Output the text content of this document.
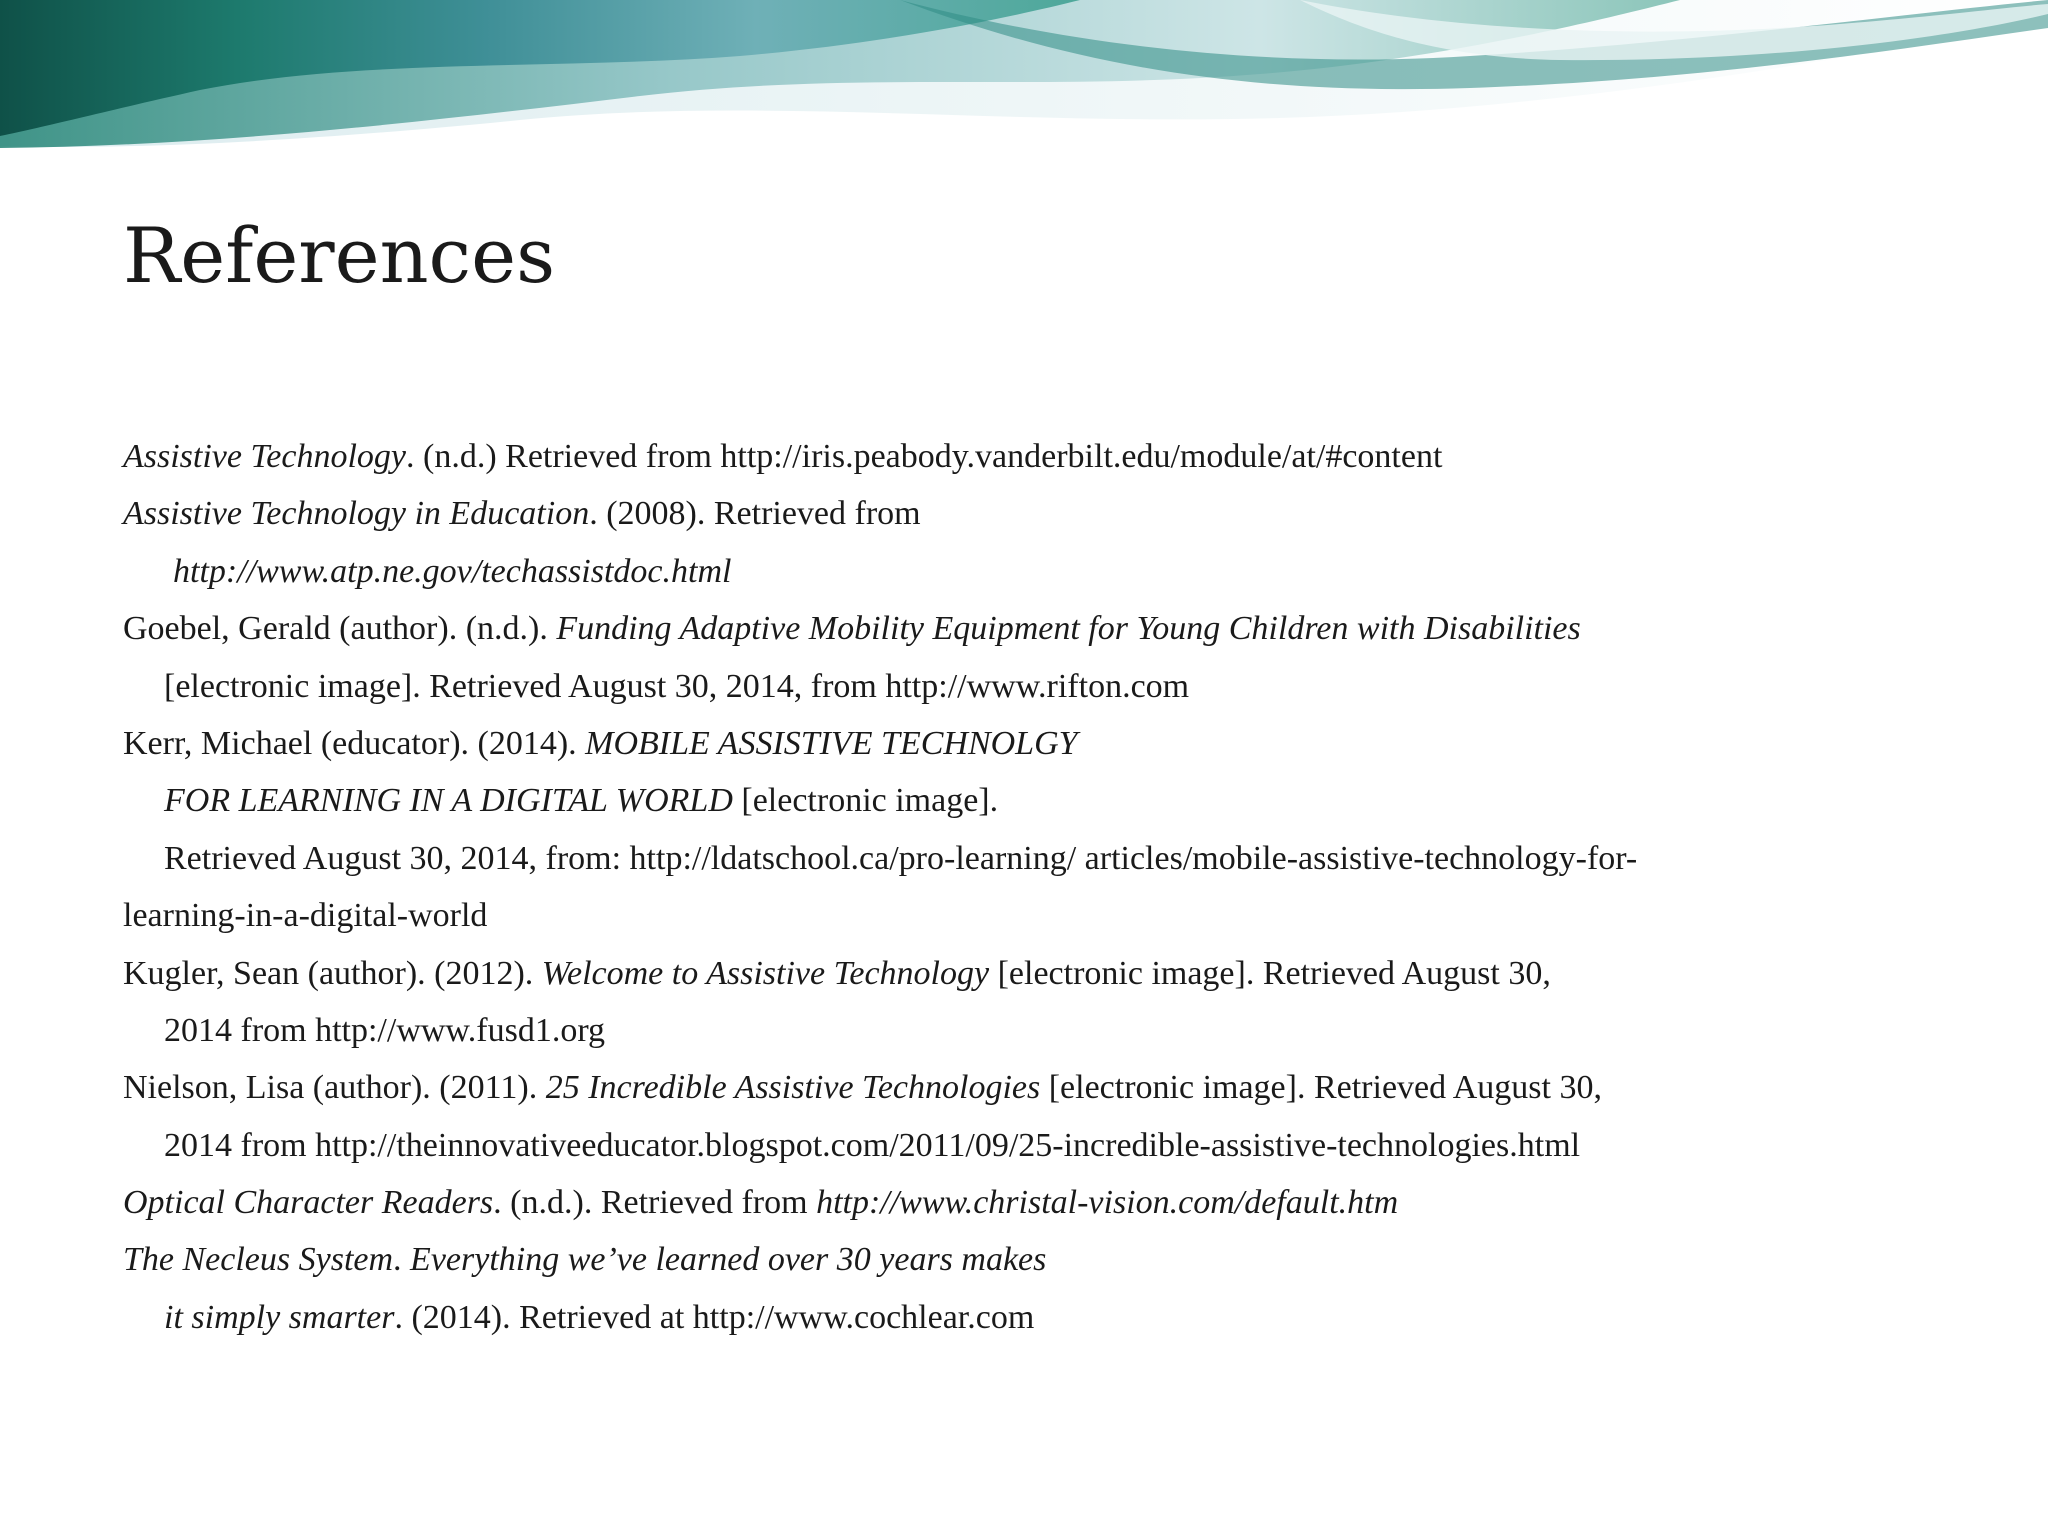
References
Assistive Technology. (n.d.) Retrieved from http://iris.peabody.vanderbilt.edu/module/at/#content
Assistive Technology in Education. (2008). Retrieved from
http://www.atp.ne.gov/techassistdoc.html
Goebel, Gerald (author). (n.d.). Funding Adaptive Mobility Equipment for Young Children with Disabilities
[electronic image]. Retrieved August 30, 2014, from http://www.rifton.com
Kerr, Michael (educator). (2014). MOBILE ASSISTIVE TECHNOLGY
FOR LEARNING IN A DIGITAL WORLD [electronic image].
Retrieved August 30, 2014, from: http://ldatschool.ca/pro-learning/ articles/mobile-assistive-technology-for-
learning-in-a-digital-world
Kugler, Sean (author). (2012). Welcome to Assistive Technology [electronic image]. Retrieved August 30,
2014 from http://www.fusd1.org
Nielson, Lisa (author). (2011). 25 Incredible Assistive Technologies [electronic image]. Retrieved August 30,
2014 from http://theinnovativeeducator.blogspot.com/2011/09/25-incredible-assistive-technologies.html
Optical Character Readers. (n.d.). Retrieved from http://www.christal-vision.com/default.htm
The Necleus System. Everything we’ve learned over 30 years makes
it simply smarter. (2014). Retrieved at http://www.cochlear.com
